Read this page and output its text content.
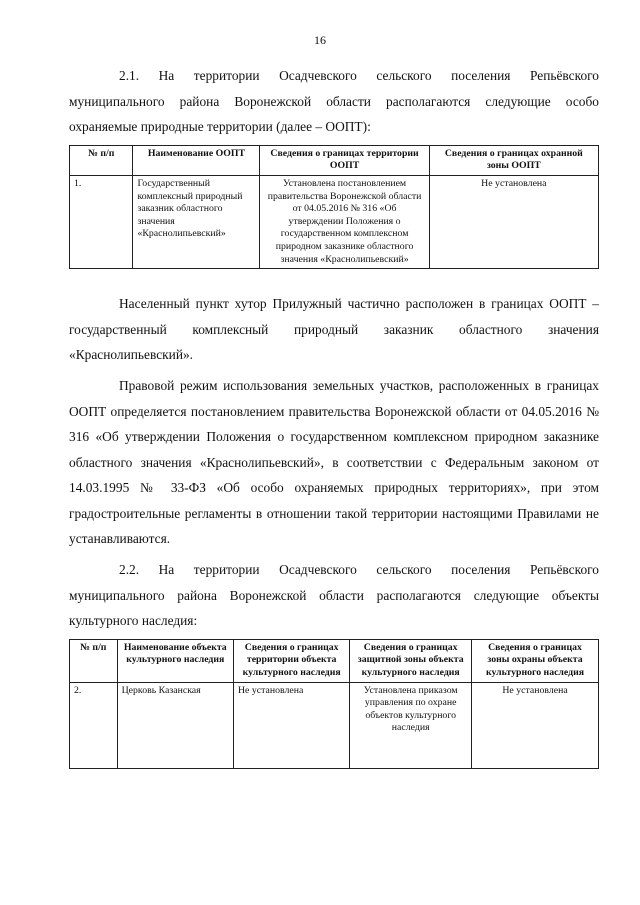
16

2.1. На территории Осадчевского сельского поселения Репьёвского муниципального района Воронежской области располагаются следующие особо охраняемые природные территории (далее – ООПТ):

№ п/п	Наименование ООПТ	Сведения о границах территории ООПТ	Сведения о границах охранной зоны ООПТ
1.	Государственный комплексный природный заказник областного значения «Краснолипьевский»	Установлена постановлением правительства Воронежской области от 04.05.2016 № 316 «Об утверждении Положения о государственном комплексном природном заказнике областного значения «Краснолипьевский»	Не установлена

Населенный пункт хутор Прилужный частично расположен в границах ООПТ – государственный комплексный природный заказник областного значения «Краснолипьевский».

Правовой режим использования земельных участков, расположенных в границах ООПТ определяется постановлением правительства Воронежской области от 04.05.2016 № 316 «Об утверждении Положения о государственном комплексном природном заказнике областного значения «Краснолипьевский», в соответствии с Федеральным законом от 14.03.1995 № 33-ФЗ «Об особо охраняемых природных территориях», при этом градостроительные регламенты в отношении такой территории настоящими Правилами не устанавливаются.

2.2. На территории Осадчевского сельского поселения Репьёвского муниципального района Воронежской области располагаются следующие объекты культурного наследия:

№ п/п	Наименование объекта культурного наследия	Сведения о границах территории объекта культурного наследия	Сведения о границах защитной зоны объекта культурного наследия	Сведения о границах зоны охраны объекта культурного наследия
2.	Церковь Казанская	Не установлена	Установлена приказом управления по охране объектов культурного наследия	Не установлена
